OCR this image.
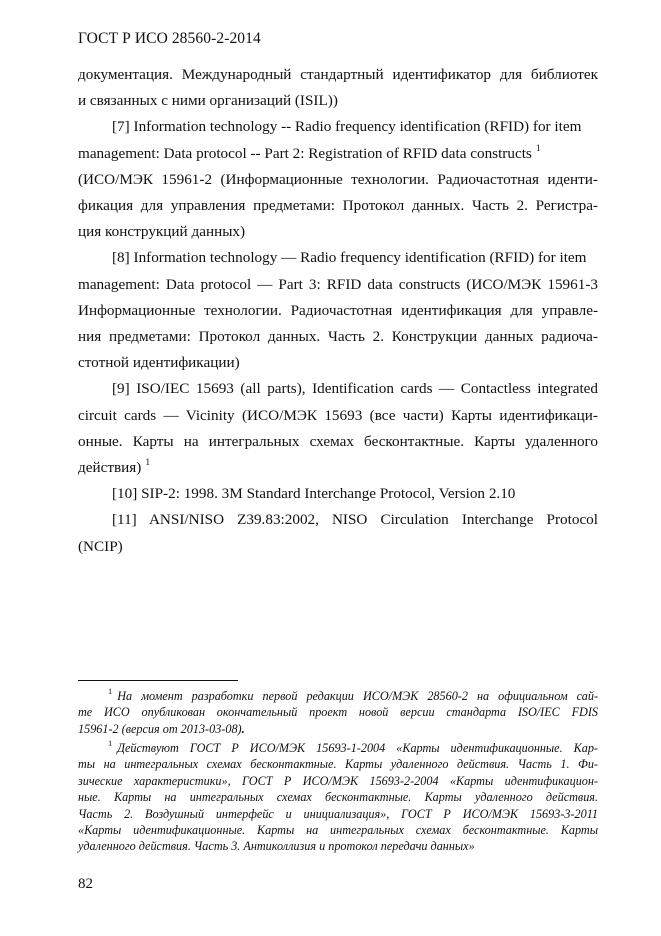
ГОСТ Р ИСО 28560-2-2014

документация. Международный стандартный идентификатор для библиотек
и связанных с ними организаций (ISIL))

[7] Information technology -- Radio frequency identification (RFID) for item
management: Data protocol -- Part 2: Registration of RFID data constructs $^1$
(ИСО/МЭК 15961-2 (Информационные технологии. Радиочастотная иденти-
фикация для управления предметами: Протокол данных. Часть 2. Регистра-
ция конструкций данных)

[8] Information technology — Radio frequency identification (RFID) for item
management: Data protocol — Part 3: RFID data constructs (ИСО/МЭК 15961-3
Информационные технологии. Радиочастотная идентификация для управле-
ния предметами: Протокол данных. Часть 2. Конструкции данных радиоча-
стотной идентификации)

[9] ISO/IEC 15693 (all parts), Identification cards — Contactless integrated
circuit cards — Vicinity (ИСО/МЭК 15693 (все части) Карты идентификаци-
онные. Карты на интегральных схемах бесконтактные. Карты удаленного
действия) $^1$

[10] SIP-2: 1998. 3M Standard Interchange Protocol, Version 2.10

[11] ANSI/NISO Z39.83:2002, NISO Circulation Interchange Protocol
(NCIP)

$^1$ На момент разработки первой редакции ИСО/МЭК 28560-2 на официальном сай-
те ИСО опубликован окончательный проект новой версии стандарта ISO/IEC FDIS
15961-2 (версия от 2013-03-08).
$^1$ Действуют ГОСТ Р ИСО/МЭК 15693-1-2004 «Карты идентификационные. Кар-
ты на интегральных схемах бесконтактные. Карты удаленного действия. Часть 1. Фи-
зические характеристики», ГОСТ Р ИСО/МЭК 15693-2-2004 «Карты идентификацион-
ные. Карты на интегральных схемах бесконтактные. Карты удаленного действия.
Часть 2. Воздушный интерфейс и инициализация», ГОСТ Р ИСО/МЭК 15693-3-2011
«Карты идентификационные. Карты на интегральных схемах бесконтактные. Карты
удаленного действия. Часть 3. Антиколлизия и протокол передачи данных»
82
